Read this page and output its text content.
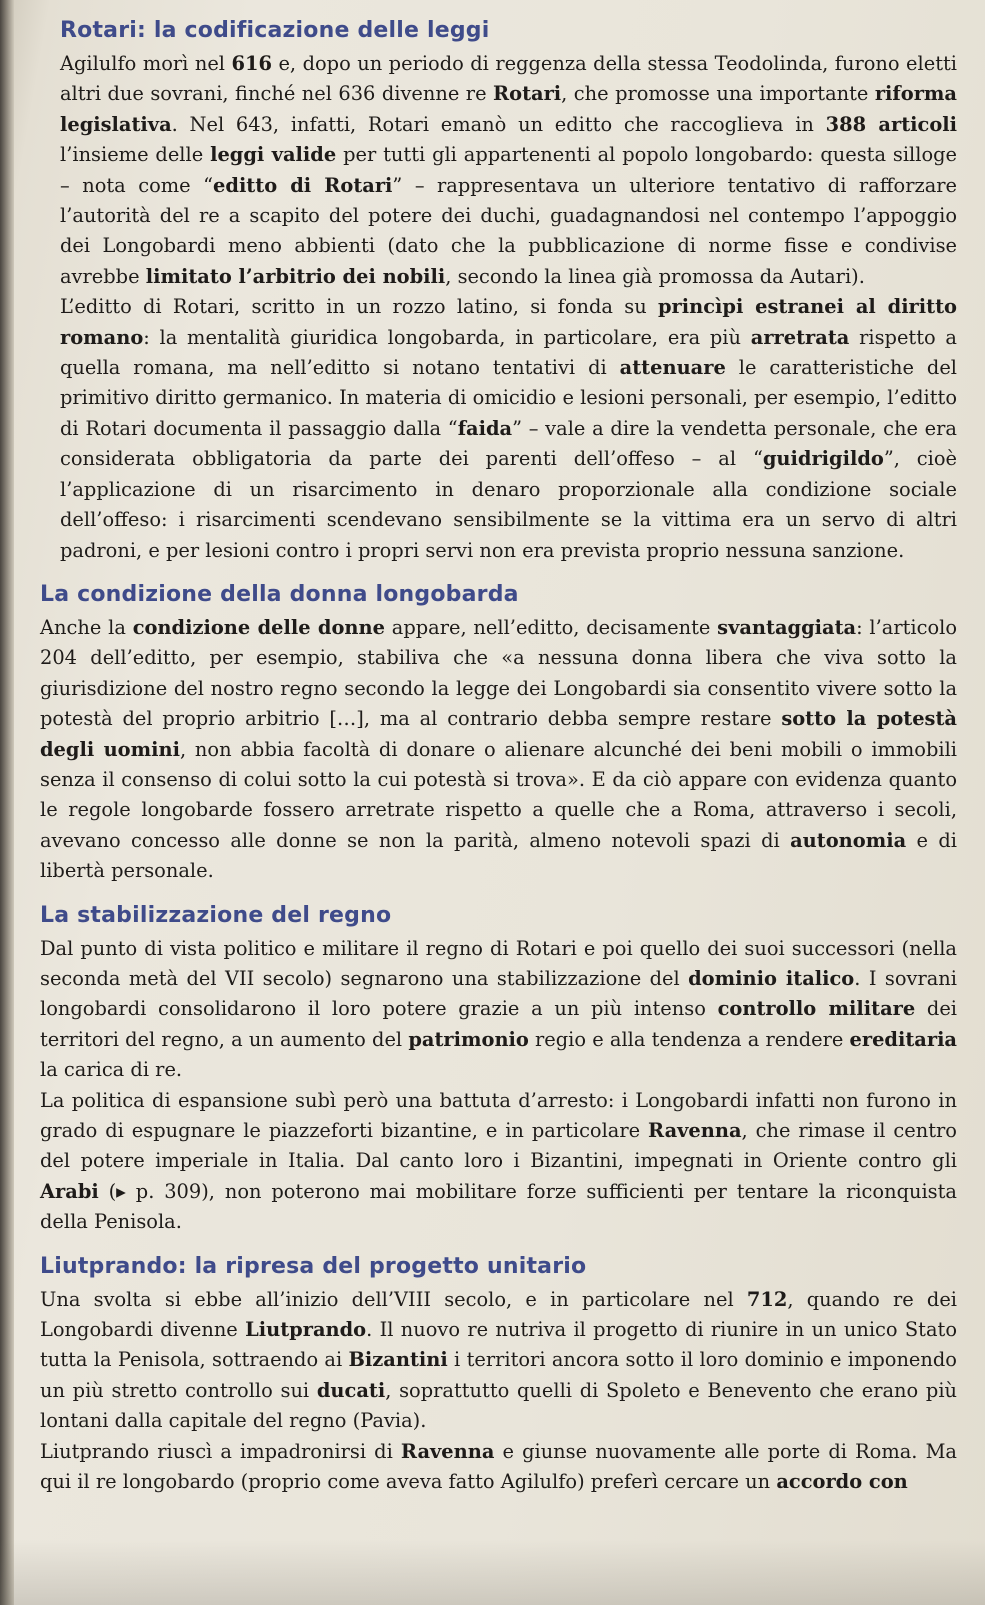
Rotari: la codificazione delle leggi

Agilulfo morì nel 616 e, dopo un periodo di reggenza della stessa Teodolinda, furono eletti altri due sovrani, finché nel 636 divenne re Rotari, che promosse una importante riforma legislativa. Nel 643, infatti, Rotari emanò un editto che raccoglieva in 388 articoli l’insieme delle leggi valide per tutti gli appartenenti al popolo longobardo: questa silloge – nota come “editto di Rotari” – rappresentava un ulteriore tentativo di rafforzare l’autorità del re a scapito del potere dei duchi, guadagnandosi nel contempo l’appoggio dei Longobardi meno abbienti (dato che la pubblicazione di norme fisse e condivise avrebbe limitato l’arbitrio dei nobili, secondo la linea già promossa da Autari).

L’editto di Rotari, scritto in un rozzo latino, si fonda su princìpi estranei al diritto romano: la mentalità giuridica longobarda, in particolare, era più arretrata rispetto a quella romana, ma nell’editto si notano tentativi di attenuare le caratteristiche del primitivo diritto germanico. In materia di omicidio e lesioni personali, per esempio, l’editto di Rotari documenta il passaggio dalla “faida” – vale a dire la vendetta personale, che era considerata obbligatoria da parte dei parenti dell’offeso – al “guidrigildo”, cioè l’applicazione di un risarcimento in denaro proporzionale alla condizione sociale dell’offeso: i risarcimenti scendevano sensibilmente se la vittima era un servo di altri padroni, e per lesioni contro i propri servi non era prevista proprio nessuna sanzione.

La condizione della donna longobarda

Anche la condizione delle donne appare, nell’editto, decisamente svantaggiata: l’articolo 204 dell’editto, per esempio, stabiliva che «a nessuna donna libera che viva sotto la giurisdizione del nostro regno secondo la legge dei Longobardi sia consentito vivere sotto la potestà del proprio arbitrio […], ma al contrario debba sempre restare sotto la potestà degli uomini, non abbia facoltà di donare o alienare alcunché dei beni mobili o immobili senza il consenso di colui sotto la cui potestà si trova». E da ciò appare con evidenza quanto le regole longobarde fossero arretrate rispetto a quelle che a Roma, attraverso i secoli, avevano concesso alle donne se non la parità, almeno notevoli spazi di autonomia e di libertà personale.

La stabilizzazione del regno

Dal punto di vista politico e militare il regno di Rotari e poi quello dei suoi successori (nella seconda metà del VII secolo) segnarono una stabilizzazione del dominio italico. I sovrani longobardi consolidarono il loro potere grazie a un più intenso controllo militare dei territori del regno, a un aumento del patrimonio regio e alla tendenza a rendere ereditaria la carica di re.

La politica di espansione subì però una battuta d’arresto: i Longobardi infatti non furono in grado di espugnare le piazzeforti bizantine, e in particolare Ravenna, che rimase il centro del potere imperiale in Italia. Dal canto loro i Bizantini, impegnati in Oriente contro gli Arabi (▸ p. 309), non poterono mai mobilitare forze sufficienti per tentare la riconquista della Penisola.

Liutprando: la ripresa del progetto unitario

Una svolta si ebbe all’inizio dell’VIII secolo, e in particolare nel 712, quando re dei Longobardi divenne Liutprando. Il nuovo re nutriva il progetto di riunire in un unico Stato tutta la Penisola, sottraendo ai Bizantini i territori ancora sotto il loro dominio e imponendo un più stretto controllo sui ducati, soprattutto quelli di Spoleto e Benevento che erano più lontani dalla capitale del regno (Pavia).

Liutprando riuscì a impadronirsi di Ravenna e giunse nuovamente alle porte di Roma. Ma qui il re longobardo (proprio come aveva fatto Agilulfo) preferì cercare un accordo con
